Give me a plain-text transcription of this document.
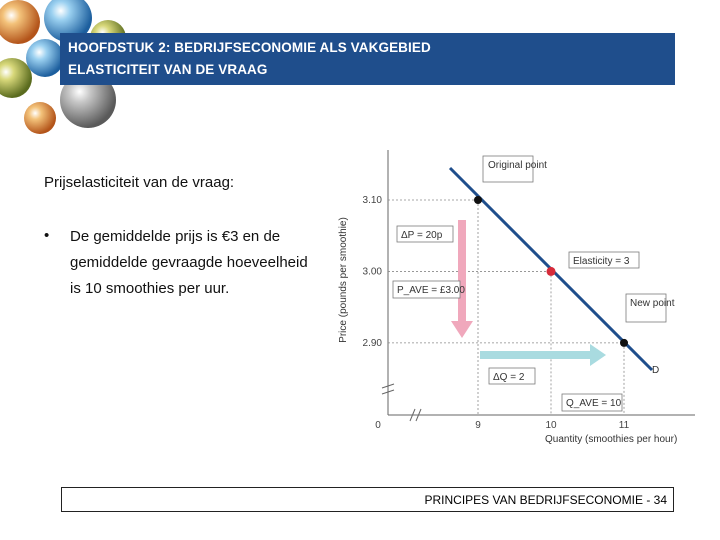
HOOFDSTUK 2: BEDRIJFSECONOMIE ALS VAKGEBIED
ELASTICITEIT VAN DE VRAAG
Prijselasticiteit van de vraag:
• De gemiddelde prijs is €3 en de gemiddelde gevraagde hoeveelheid is 10 smoothies per uur.
D
3.10
3.00
2.90
0	9	10	11
Price (pounds per smoothie)
Quantity (smoothies per hour)
Original point
ΔP = 20p
P_AVE = £3.00
Elasticity = 3
New point
ΔQ = 2
Q_AVE = 10
PRINCIPES VAN BEDRIJFSECONOMIE - 34
